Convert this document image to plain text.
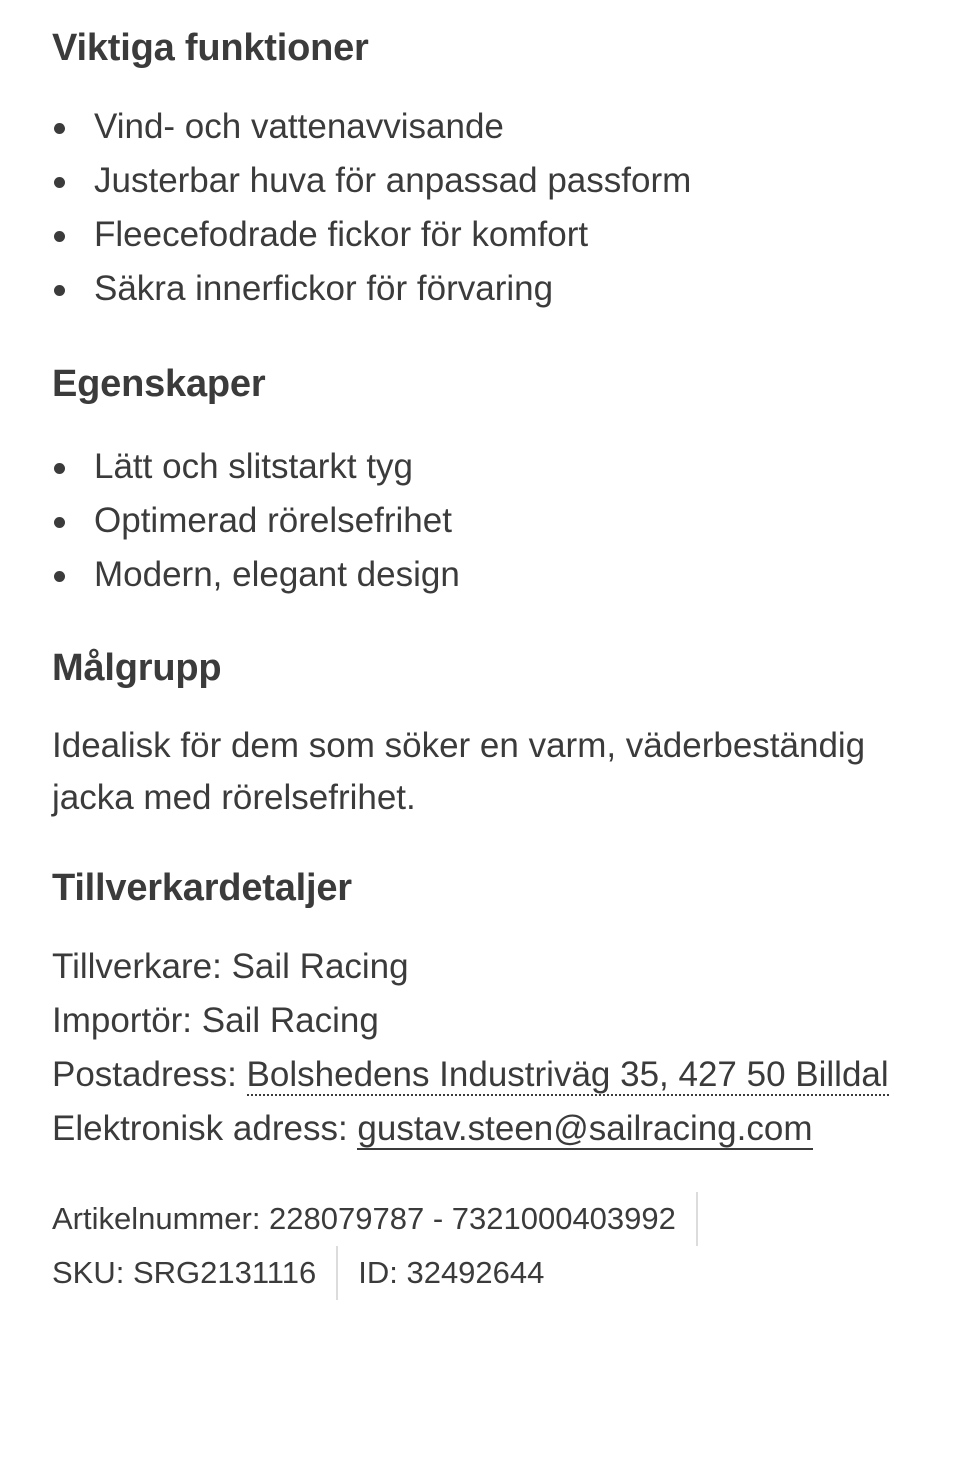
Viktiga funktioner
Vind- och vattenavvisande
Justerbar huva för anpassad passform
Fleecefodrade fickor för komfort
Säkra innerfickor för förvaring
Egenskaper
Lätt och slitstarkt tyg
Optimerad rörelsefrihet
Modern, elegant design
Målgrupp

Idealisk för dem som söker en varm, väderbeständig jacka med rörelsefrihet.

Tillverkardetaljer

Tillverkare: Sail Racing
Importör: Sail Racing
Postadress: Bolshedens Industriväg 35, 427 50 Billdal
Elektronisk adress: gustav.steen@sailracing.com

Artikelnummer: 228079787 - 7321000403992
SKU: SRG2131116 ID: 32492644
